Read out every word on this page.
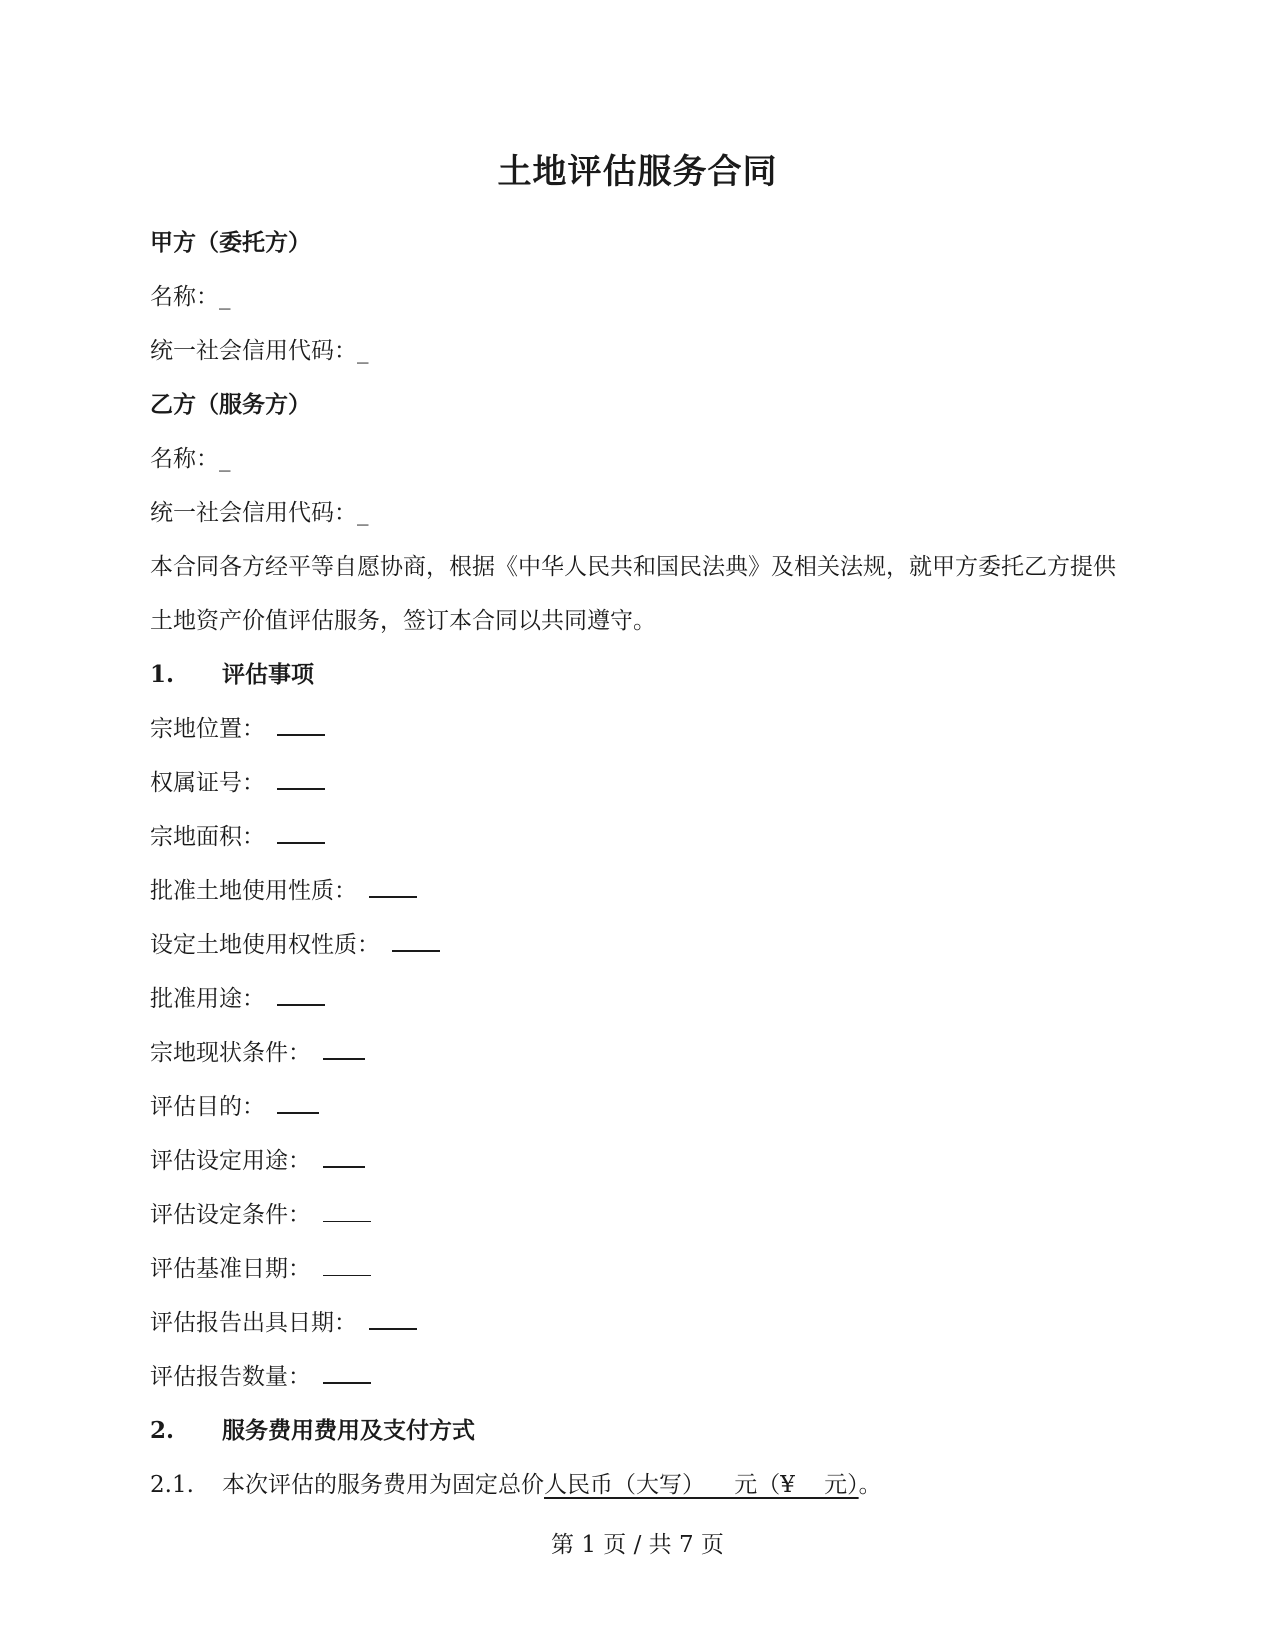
土地评估服务合同
甲方（委托方）
名称：_
统一社会信用代码：_
乙方（服务方）
名称：_
统一社会信用代码：_
本合同各方经平等自愿协商，根据《中华人民共和国民法典》及相关法规，就甲方委托乙方提供土地资产价值评估服务，签订本合同以共同遵守。
1. 评估事项
宗地位置：
权属证号：
宗地面积：
批准土地使用性质：
设定土地使用权性质：
批准用途：
宗地现状条件：
评估目的：
评估设定用途：
评估设定条件：
评估基准日期：
评估报告出具日期：
评估报告数量：
2. 服务费用费用及支付方式
2.1. 本次评估的服务费用为固定总价人民币（大写）    元（¥    元）。
第 1 页 / 共 7 页
